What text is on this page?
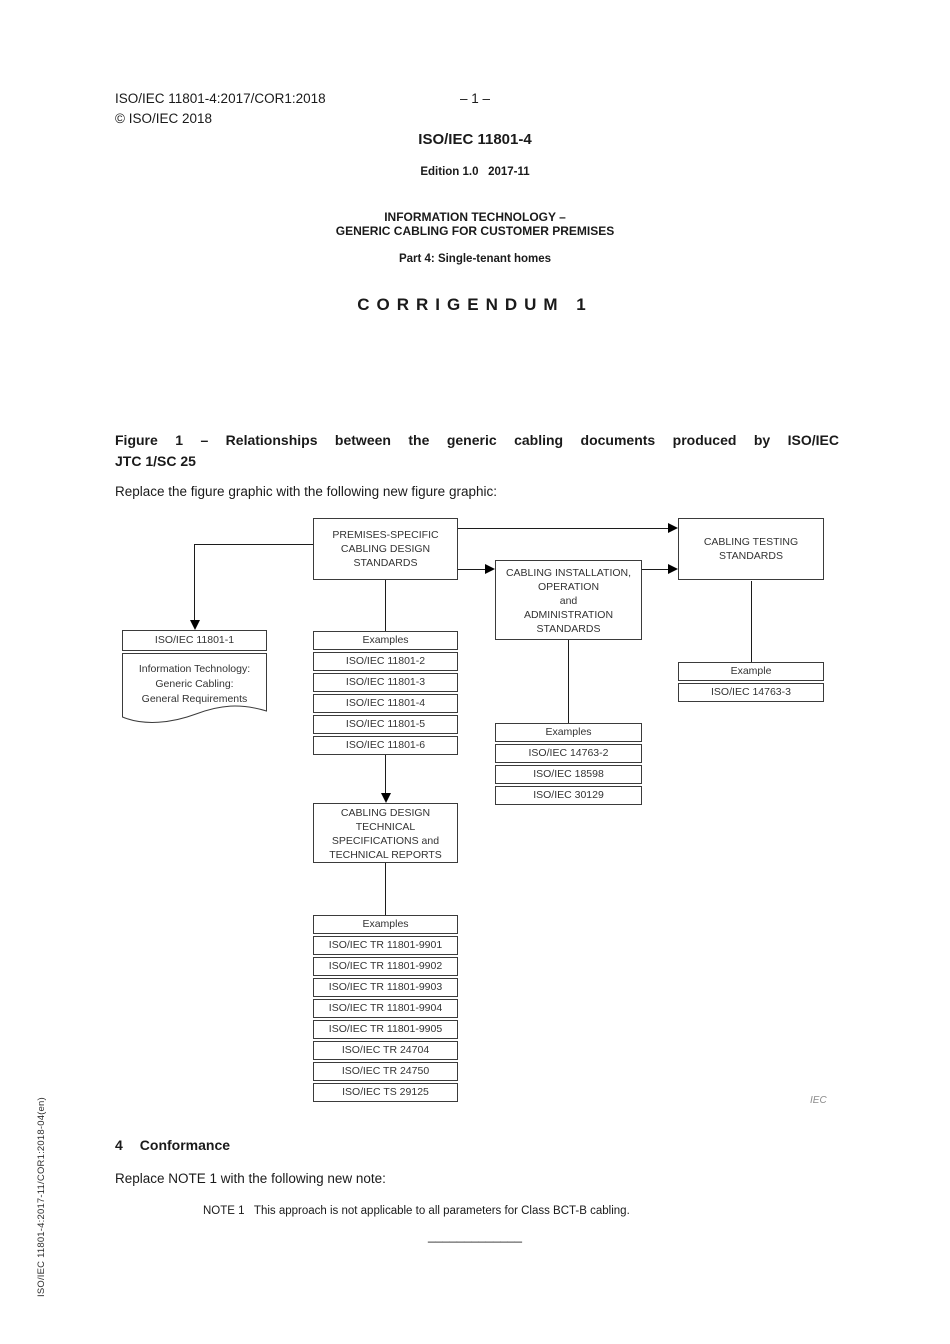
ISO/IEC 11801-4:2017/COR1:2018	– 1 –
© ISO/IEC 2018
ISO/IEC 11801-4
Edition 1.0   2017-11
INFORMATION TECHNOLOGY –
GENERIC CABLING FOR CUSTOMER PREMISES
Part 4: Single-tenant homes
CORRIGENDUM 1
Figure 1 – Relationships between the generic cabling documents produced by ISO/IEC
JTC 1/SC 25
Replace the figure graphic with the following new figure graphic:
PREMISES-SPECIFIC
CABLING DESIGN
STANDARDS
CABLING TESTING
STANDARDS
CABLING INSTALLATION,
OPERATION
and
ADMINISTRATION
STANDARDS
ISO/IEC 11801-1
Information Technology:
Generic Cabling:
General Requirements
Examples
ISO/IEC 11801-2
ISO/IEC 11801-3
ISO/IEC 11801-4
ISO/IEC 11801-5
ISO/IEC 11801-6
Example
ISO/IEC 14763-3
Examples
ISO/IEC 14763-2
ISO/IEC 18598
ISO/IEC 30129
CABLING DESIGN
TECHNICAL
SPECIFICATIONS and
TECHNICAL REPORTS
Examples
ISO/IEC TR 11801-9901
ISO/IEC TR 11801-9902
ISO/IEC TR 11801-9903
ISO/IEC TR 11801-9904
ISO/IEC TR 11801-9905
ISO/IEC TR 24704
ISO/IEC TR 24750
ISO/IEC TS 29125
IEC
4 Conformance
Replace NOTE 1 with the following new note:
NOTE 1   This approach is not applicable to all parameters for Class BCT-B cabling.
_____________
ISO/IEC 11801-4:2017-11/COR1:2018-04(en)
